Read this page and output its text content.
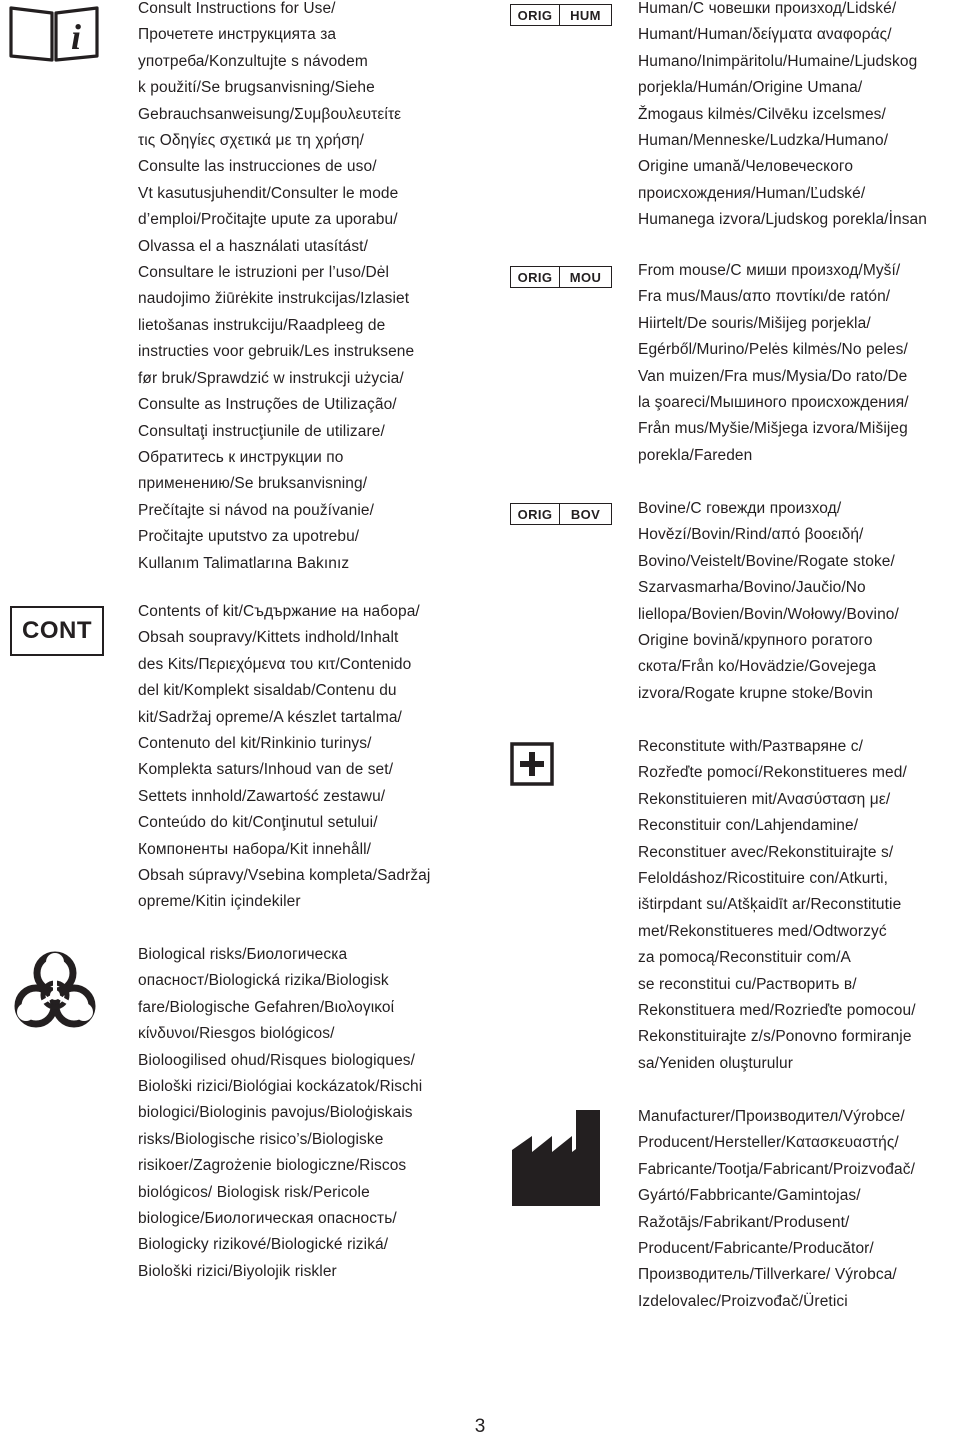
i
CONT
Consult Instructions for Use/
Прочетете инструкцията за
употреба/Konzultujte s návodem
k použití/Se brugsanvisning/Siehe
Gebrauchsanweisung/Συμβουλευτείτε
τις Οδηγίες σχετικά με τη χρήση/
Consulte las instrucciones de uso/
Vt kasutusjuhendit/Consulter le mode
d’emploi/Pročitajte upute za uporabu/
Olvassa el a használati utasítást/
Consultare le istruzioni per l’uso/Dėl
naudojimo žiūrėkite instrukcijas/Izlasiet
lietošanas instrukciju/Raadpleeg de
instructies voor gebruik/Les instruksene
før bruk/Sprawdzić w instrukcji użycia/
Consulte as Instruções de Utilização/
Consultaţi instrucţiunile de utilizare/
Обратитесь к инструкции по
применению/Se bruksanvisning/
Prečítajte si návod na používanie/
Pročitajte uputstvo za upotrebu/
Kullanım Talimatlarına Bakınız
Contents of kit/Съдържание на набора/
Obsah soupravy/Kittets indhold/Inhalt
des Kits/Περιεχόμενα του κιτ/Contenido
del kit/Komplekt sisaldab/Contenu du
kit/Sadržaj opreme/A készlet tartalma/
Contenuto del kit/Rinkinio turinys/
Komplekta saturs/Inhoud van de set/
Settets innhold/Zawartość zestawu/
Conteúdo do kit/Conţinutul setului/
Компоненты набора/Kit innehåll/
Obsah súpravy/Vsebina kompleta/Sadržaj
opreme/Kitin içindekiler
Biological risks/Биологическа
опасност/Biologická rizika/Biologisk
fare/Biologische Gefahren/Βιολογικοί
κίνδυνοι/Riesgos biológicos/
Bioloogilised ohud/Risques biologiques/
Biološki rizici/Biológiai kockázatok/Rischi
biologici/Biologinis pavojus/Bioloģiskais
risks/Biologische risico’s/Biologiske
risikoer/Zagrożenie biologiczne/Riscos
biológicos/ Biologisk risk/Pericole
biologice/Биологическая опасность/
Biologicky rizikové/Biologické riziká/
Biološki rizici/Biyolojik riskler
ORIG	HUM
ORIG	MOU
ORIG	BOV
Human/С човешки произход/Lidské/
Humant/Human/δείγματα αναφοράς/
Humano/Inimpäritolu/Humaine/Ljudskog
porjekla/Humán/Origine Umana/
Žmogaus kilmės/Cilvēku izcelsmes/
Human/Menneske/Ludzka/Humano/
Origine umană/Человеческого
происхождения/Human/Ľudské/
Humanega izvora/Ljudskog porekla/İnsan
From mouse/С миши произход/Myší/
Fra mus/Maus/απο ποντίκι/de ratón/
Hiirtelt/De souris/Mišijeg porjekla/
Egérből/Murino/Pelės kilmės/No peles/
Van muizen/Fra mus/Mysia/Do rato/De
la şoareci/Мышиного происхождения/
Från mus/Myšie/Mišjega izvora/Mišijeg
porekla/Fareden
Bovine/С говежди произход/
Hovězí/Bovin/Rind/από βοοειδή/
Bovino/Veistelt/Bovine/Rogate stoke/
Szarvasmarha/Bovino/Jaučio/No
liellopa/Bovien/Bovin/Wołowy/Bovino/
Origine bovină/крупного рогатого
скота/Från ko/Hovädzie/Govejega
izvora/Rogate krupne stoke/Bovin
Reconstitute with/Разтваряне с/
Rozřeďte pomocí/Rekonstitueres med/
Rekonstituieren mit/Ανασύσταση με/
Reconstituir con/Lahjendamine/
Reconstituer avec/Rekonstituirajte s/
Feloldáshoz/Ricostituire con/Atkurti,
ištirpdant su/Atšķaidīt ar/Reconstitutie
met/Rekonstitueres med/Odtworzyć
za pomocą/Reconstituir com/A
se reconstitui cu/Растворить в/
Rekonstituera med/Rozrieďte pomocou/
Rekonstituirajte z/s/Ponovno formiranje
sa/Yeniden oluşturulur
Manufacturer/Производител/Výrobce/
Producent/Hersteller/Κατασκευαστής/
Fabricante/Tootja/Fabricant/Proizvođač/
Gyártó/Fabbricante/Gamintojas/
Ražotājs/Fabrikant/Produsent/
Producent/Fabricante/Producător/
Производитель/Tillverkare/ Výrobca/
Izdelovalec/Proizvođač/Üretici
3
